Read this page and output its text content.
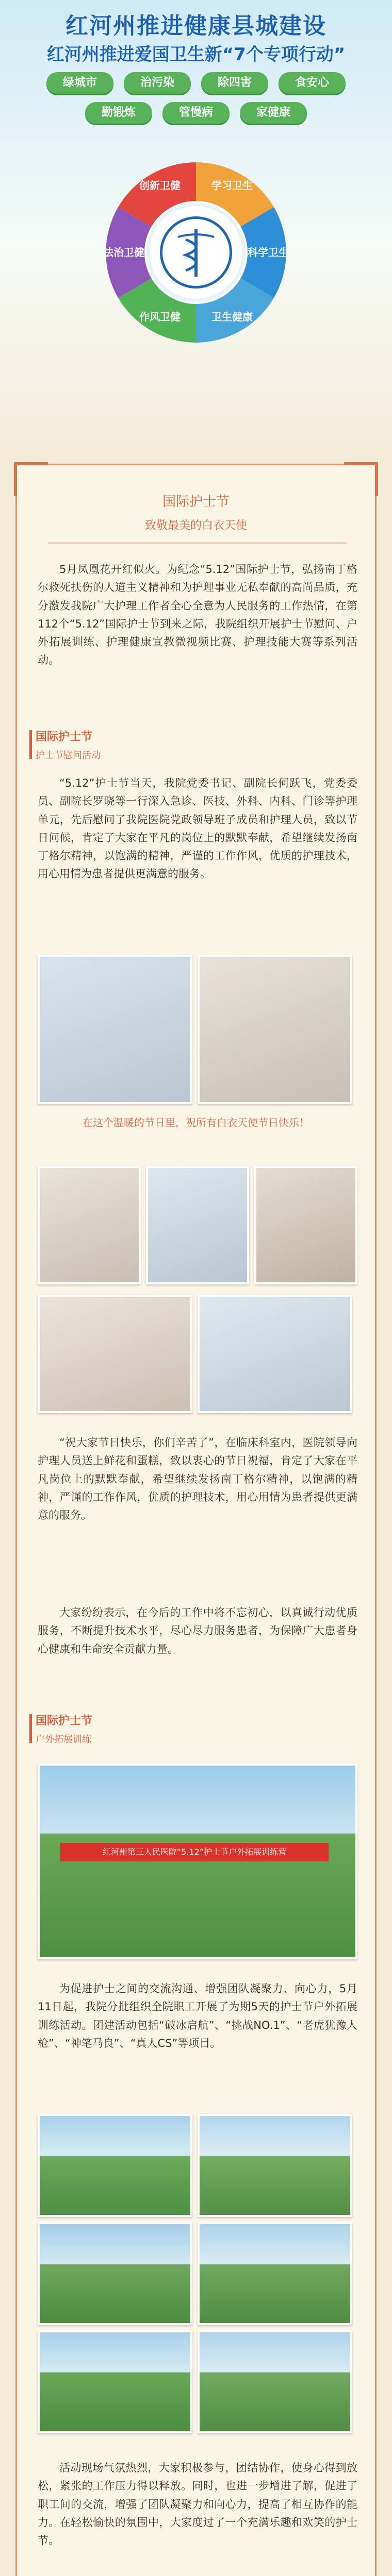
红河州推进健康县城建设
红河州推进爱国卫生新“7个专项行动”
绿城市	治污染	除四害	食安心
勤锻炼	管慢病	家健康
学习卫生
科学卫生
卫生健康
作风卫健
法治卫健
创新卫健
国际护士节
致敬最美的白衣天使
5月凤凰花开红似火。为纪念“5.12”国际护士节，弘扬南丁格尔救死扶伤的人道主义精神和为护理事业无私奉献的高尚品质，充分激发我院广大护理工作者全心全意为人民服务的工作热情，在第112个“5.12”国际护士节到来之际，我院组织开展护士节慰问、户外拓展训练、护理健康宣教微视频比赛、护理技能大赛等系列活动。
国际护士节
护士节慰问活动
“5.12”护士节当天，我院党委书记、副院长何跃飞，党委委员、副院长罗晓等一行深入急诊、医技、外科、内科、门诊等护理单元，先后慰问了我院医院党政领导班子成员和护理人员，致以节日问候，肯定了大家在平凡的岗位上的默默奉献，希望继续发扬南丁格尔精神，以饱满的精神，严谨的工作作风，优质的护理技术，用心用情为患者提供更满意的服务。
在这个温暖的节日里，祝所有白衣天使节日快乐！
“祝大家节日快乐，你们辛苦了”，在临床科室内，医院领导向护理人员送上鲜花和蛋糕，致以衷心的节日祝福，肯定了大家在平凡岗位上的默默奉献，希望继续发扬南丁格尔精神，以饱满的精神，严谨的工作作风，优质的护理技术，用心用情为患者提供更满意的服务。
大家纷纷表示，在今后的工作中将不忘初心，以真诚行动优质服务，不断提升技术水平，尽心尽力服务患者，为保障广大患者身心健康和生命安全贡献力量。
国际护士节
户外拓展训练
红河州第三人民医院“5.12”护士节户外拓展训练营
为促进护士之间的交流沟通、增强团队凝聚力、向心力，5月11日起，我院分批组织全院职工开展了为期5天的护士节户外拓展训练活动。团建活动包括“破冰启航”、“挑战NO.1”、“老虎犹豫人枪”、“神笔马良”、“真人CS”等项目。
活动现场气氛热烈，大家积极参与，团结协作，使身心得到放松，紧张的工作压力得以释放。同时，也进一步增进了解，促进了职工间的交流，增强了团队凝聚力和向心力，提高了相互协作的能力。在轻松愉快的氛围中，大家度过了一个充满乐趣和欢笑的护士节。
